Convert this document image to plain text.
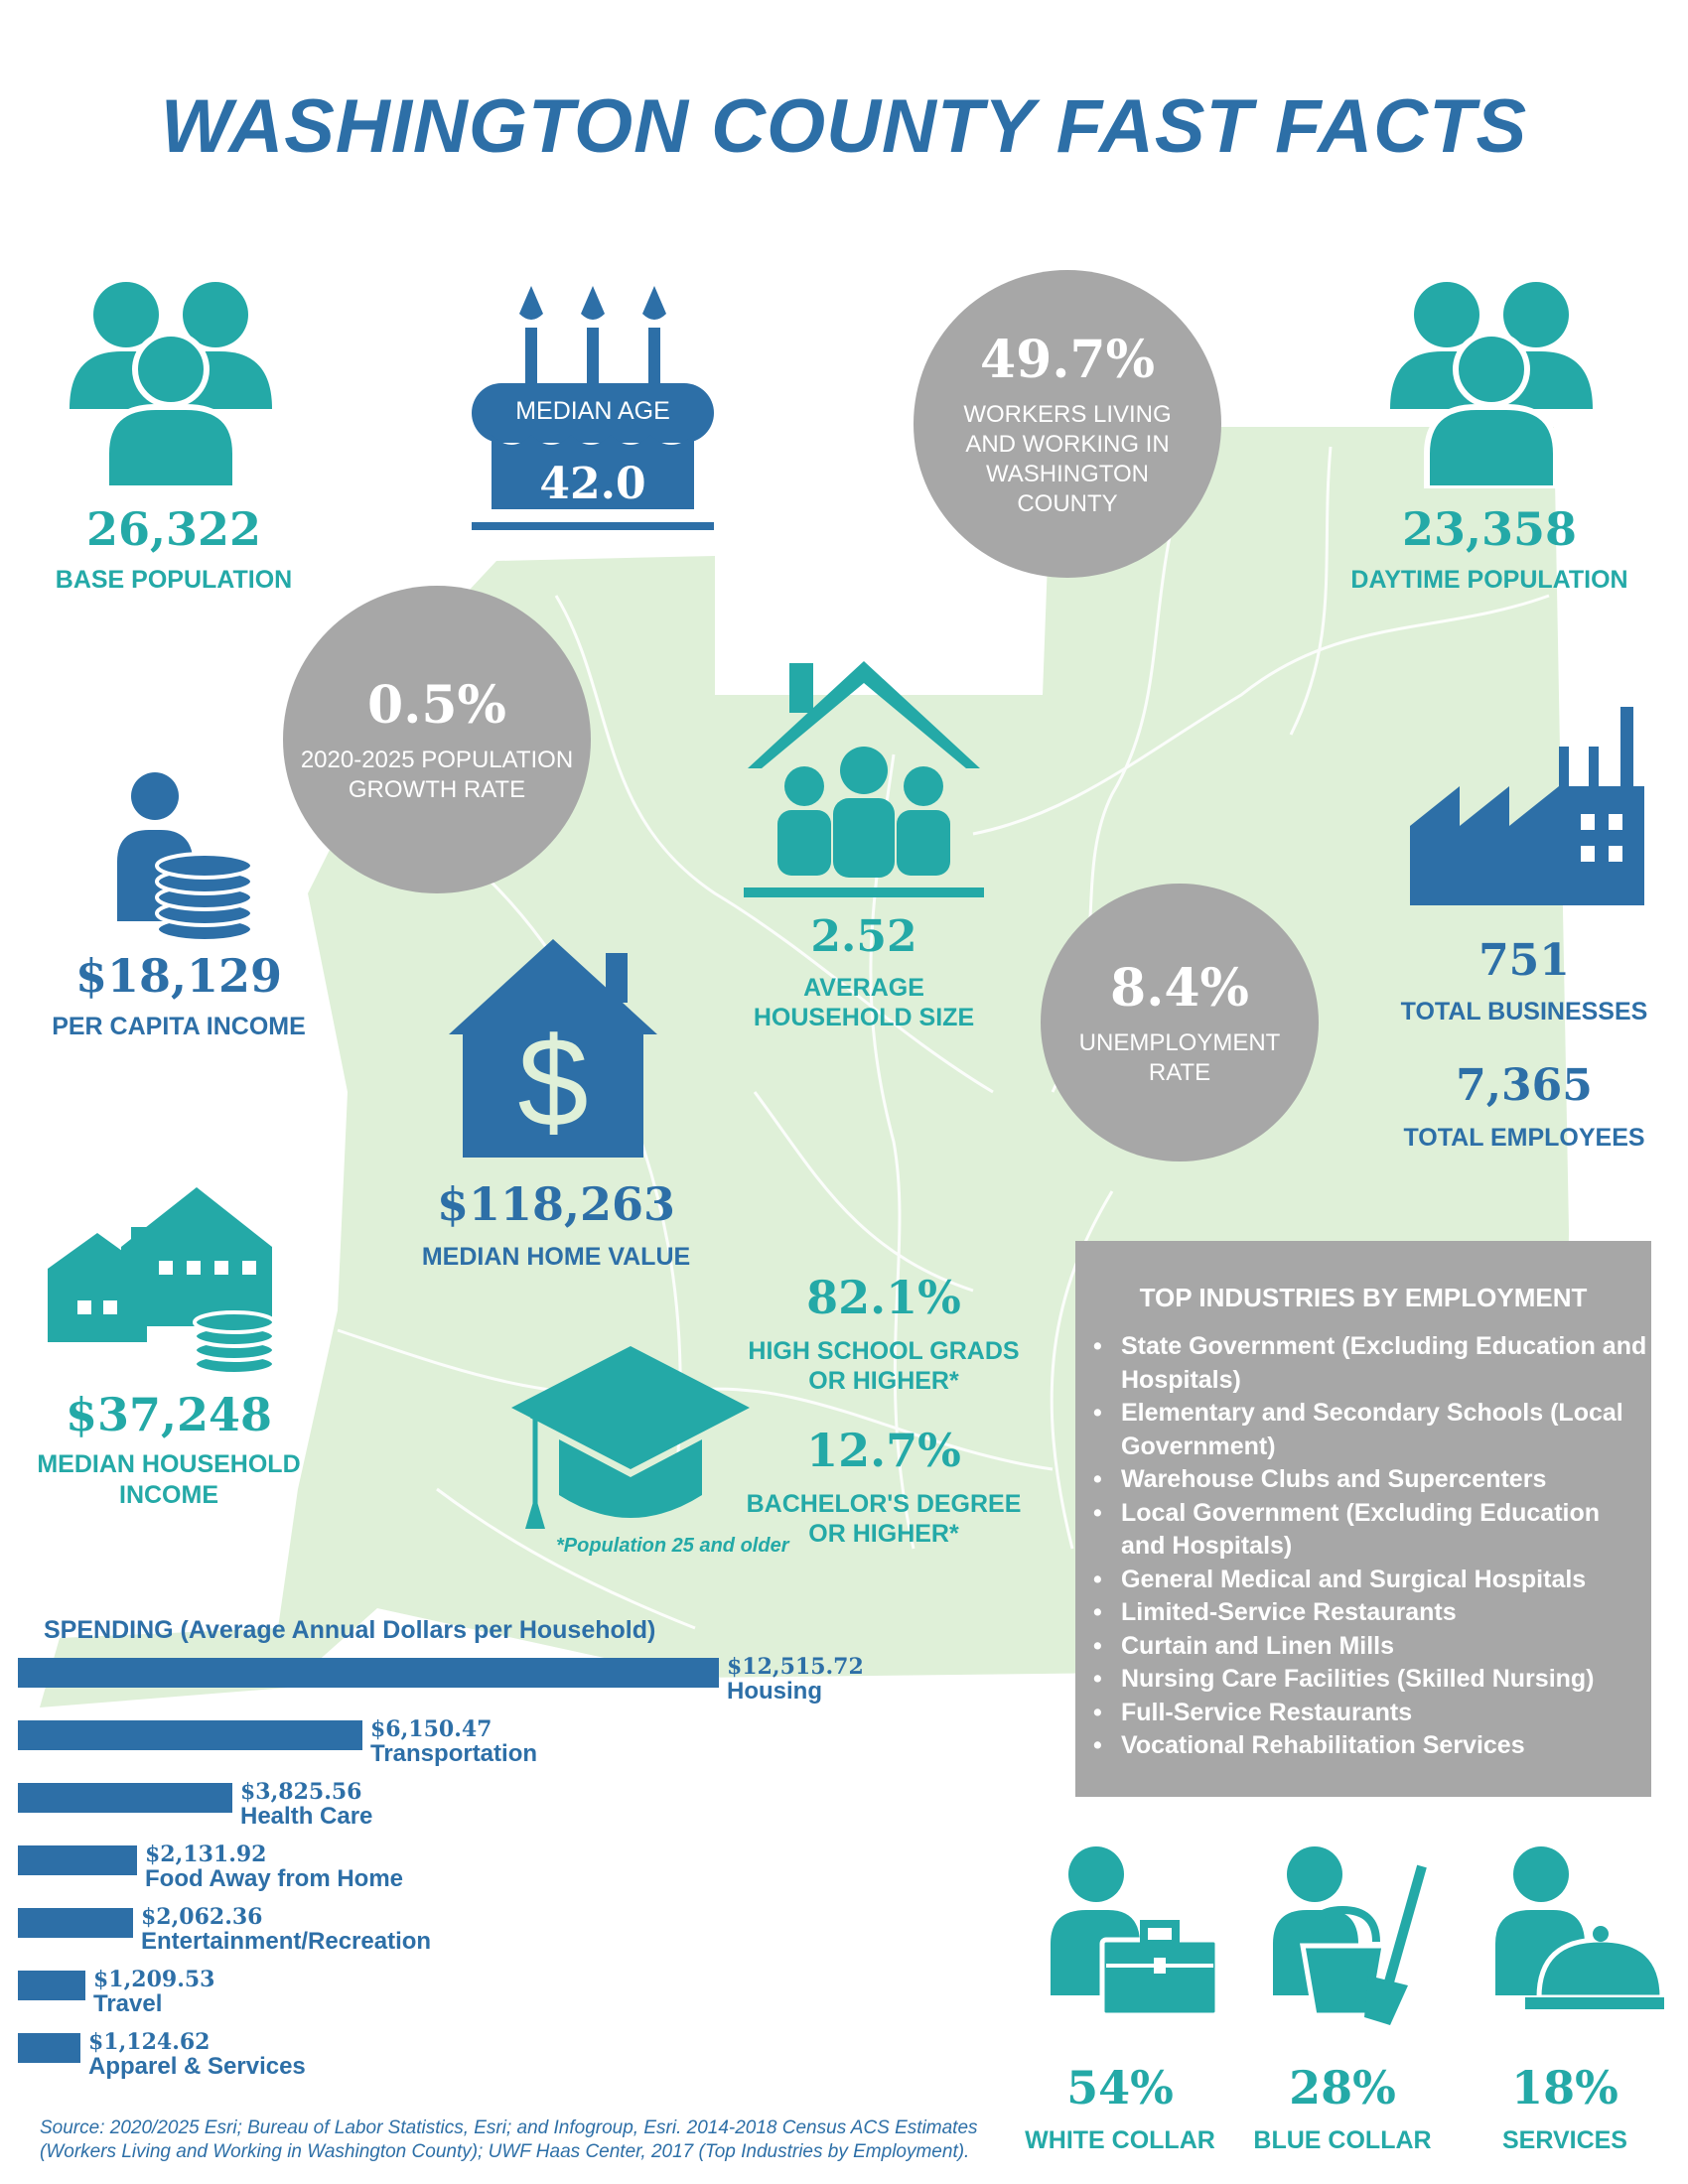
WASHINGTON COUNTY FAST FACTS
26,322
BASE POPULATION
MEDIAN AGE
42.0
49.7%
WORKERS LIVING AND WORKING IN WASHINGTON COUNTY	23,358
DAYTIME POPULATION
0.5%
2020-2025 POPULATION GROWTH RATE
2.52
AVERAGE HOUSEHOLD SIZE
$18,129
PER CAPITA INCOME
8.4%
UNEMPLOYMENT RATE
751
TOTAL BUSINESSES
7,365
TOTAL EMPLOYEES
$
$118,263
MEDIAN HOME VALUE
$37,248
MEDIAN HOUSEHOLD INCOME
82.1%
HIGH SCHOOL GRADS OR HIGHER*
12.7%
BACHELOR'S DEGREE OR HIGHER*
*Population 25 and older
TOP INDUSTRIES BY EMPLOYMENT
• State Government (Excluding Education and Hospitals)
• Elementary and Secondary Schools (Local Government)
• Warehouse Clubs and Supercenters
• Local Government (Excluding Education and Hospitals)
• General Medical and Surgical Hospitals
• Limited-Service Restaurants
• Curtain and Linen Mills
• Nursing Care Facilities (Skilled Nursing)
• Full-Service Restaurants
• Vocational Rehabilitation Services
SPENDING (Average Annual Dollars per Household)
$12,515.72
Housing
$6,150.47
Transportation
$3,825.56
Health Care
$2,131.92
Food Away from Home
$2,062.36
Entertainment/Recreation
$1,209.53
Travel
$1,124.62
Apparel & Services	54%
WHITE COLLAR
28%
BLUE COLLAR
18%
SERVICES
Source: 2020/2025 Esri; Bureau of Labor Statistics, Esri; and Infogroup, Esri. 2014-2018 Census ACS Estimates (Workers Living and Working in Washington County); UWF Haas Center, 2017 (Top Industries by Employment).
